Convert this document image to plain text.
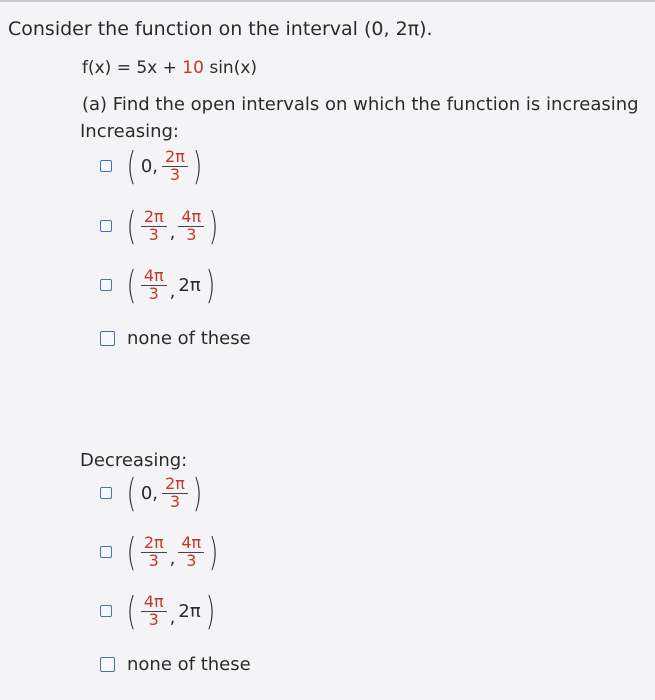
Consider the function on the interval (0, 2π).
f(x) = 5x + 10 sin(x)
(a) Find the open intervals on which the function is increasing
Increasing:
( 0, $\frac{2\pi}{3}$ )
( $\frac{2\pi}{3}$ , $\frac{4\pi}{3}$ )
( $\frac{4\pi}{3}$ , 2π )
none of these
Decreasing:
( 0, $\frac{2\pi}{3}$ )
( $\frac{2\pi}{3}$ , $\frac{4\pi}{3}$ )
( $\frac{4\pi}{3}$ , 2π )
none of these
